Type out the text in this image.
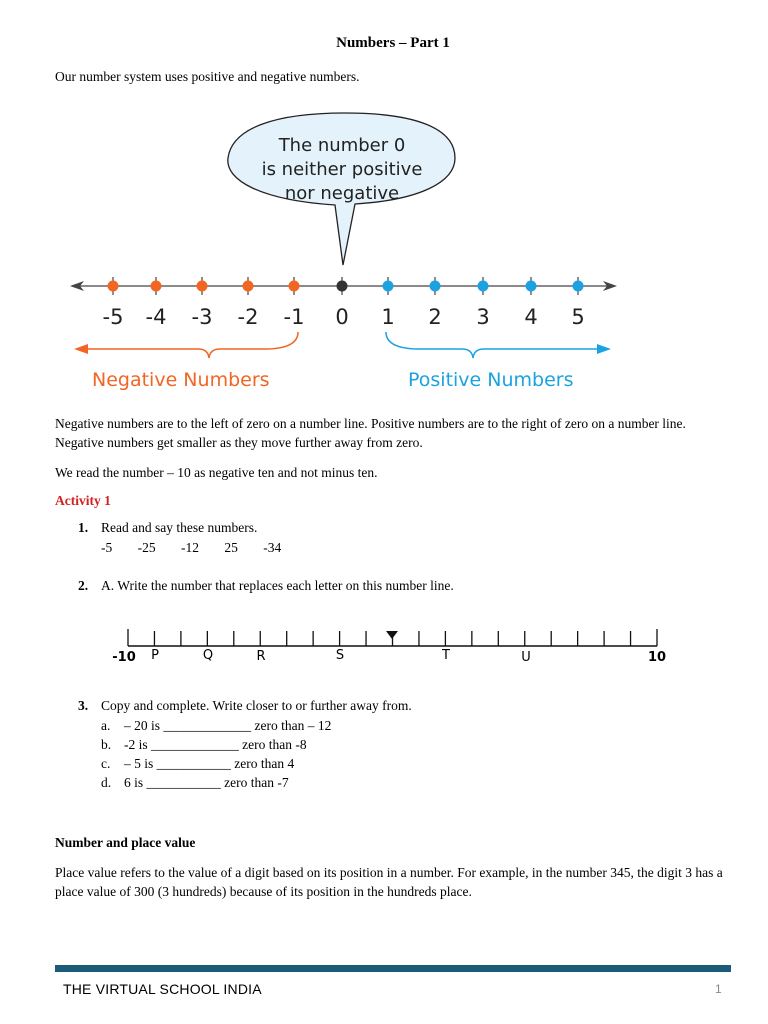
Numbers – Part 1
Our number system uses positive and negative numbers.
The number 0
is neither positive
nor negative
-5 -4 -3 -2 -1 0 1 2 3 4 5
Negative Numbers	Positive Numbers
Negative numbers are to the left of zero on a number line. Positive numbers are to the right of zero on a number line. Negative numbers get smaller as they move further away from zero.
We read the number – 10 as negative ten and not minus ten.
Activity 1
1. Read and say these numbers.
-5 -25 -12 25 -34
2. A. Write the number that replaces each letter on this number line.
-10	10
P	Q	R	S	T	U
3. Copy and complete. Write closer to or further away from.
a. – 20 is _____________ zero than – 12
b. -2 is _____________ zero than -8
c. – 5 is ___________ zero than 4
d. 6 is ___________ zero than -7
Number and place value
Place value refers to the value of a digit based on its position in a number. For example, in the number 345, the digit 3 has a place value of 300 (3 hundreds) because of its position in the hundreds place.
THE VIRTUAL SCHOOL INDIA	1
